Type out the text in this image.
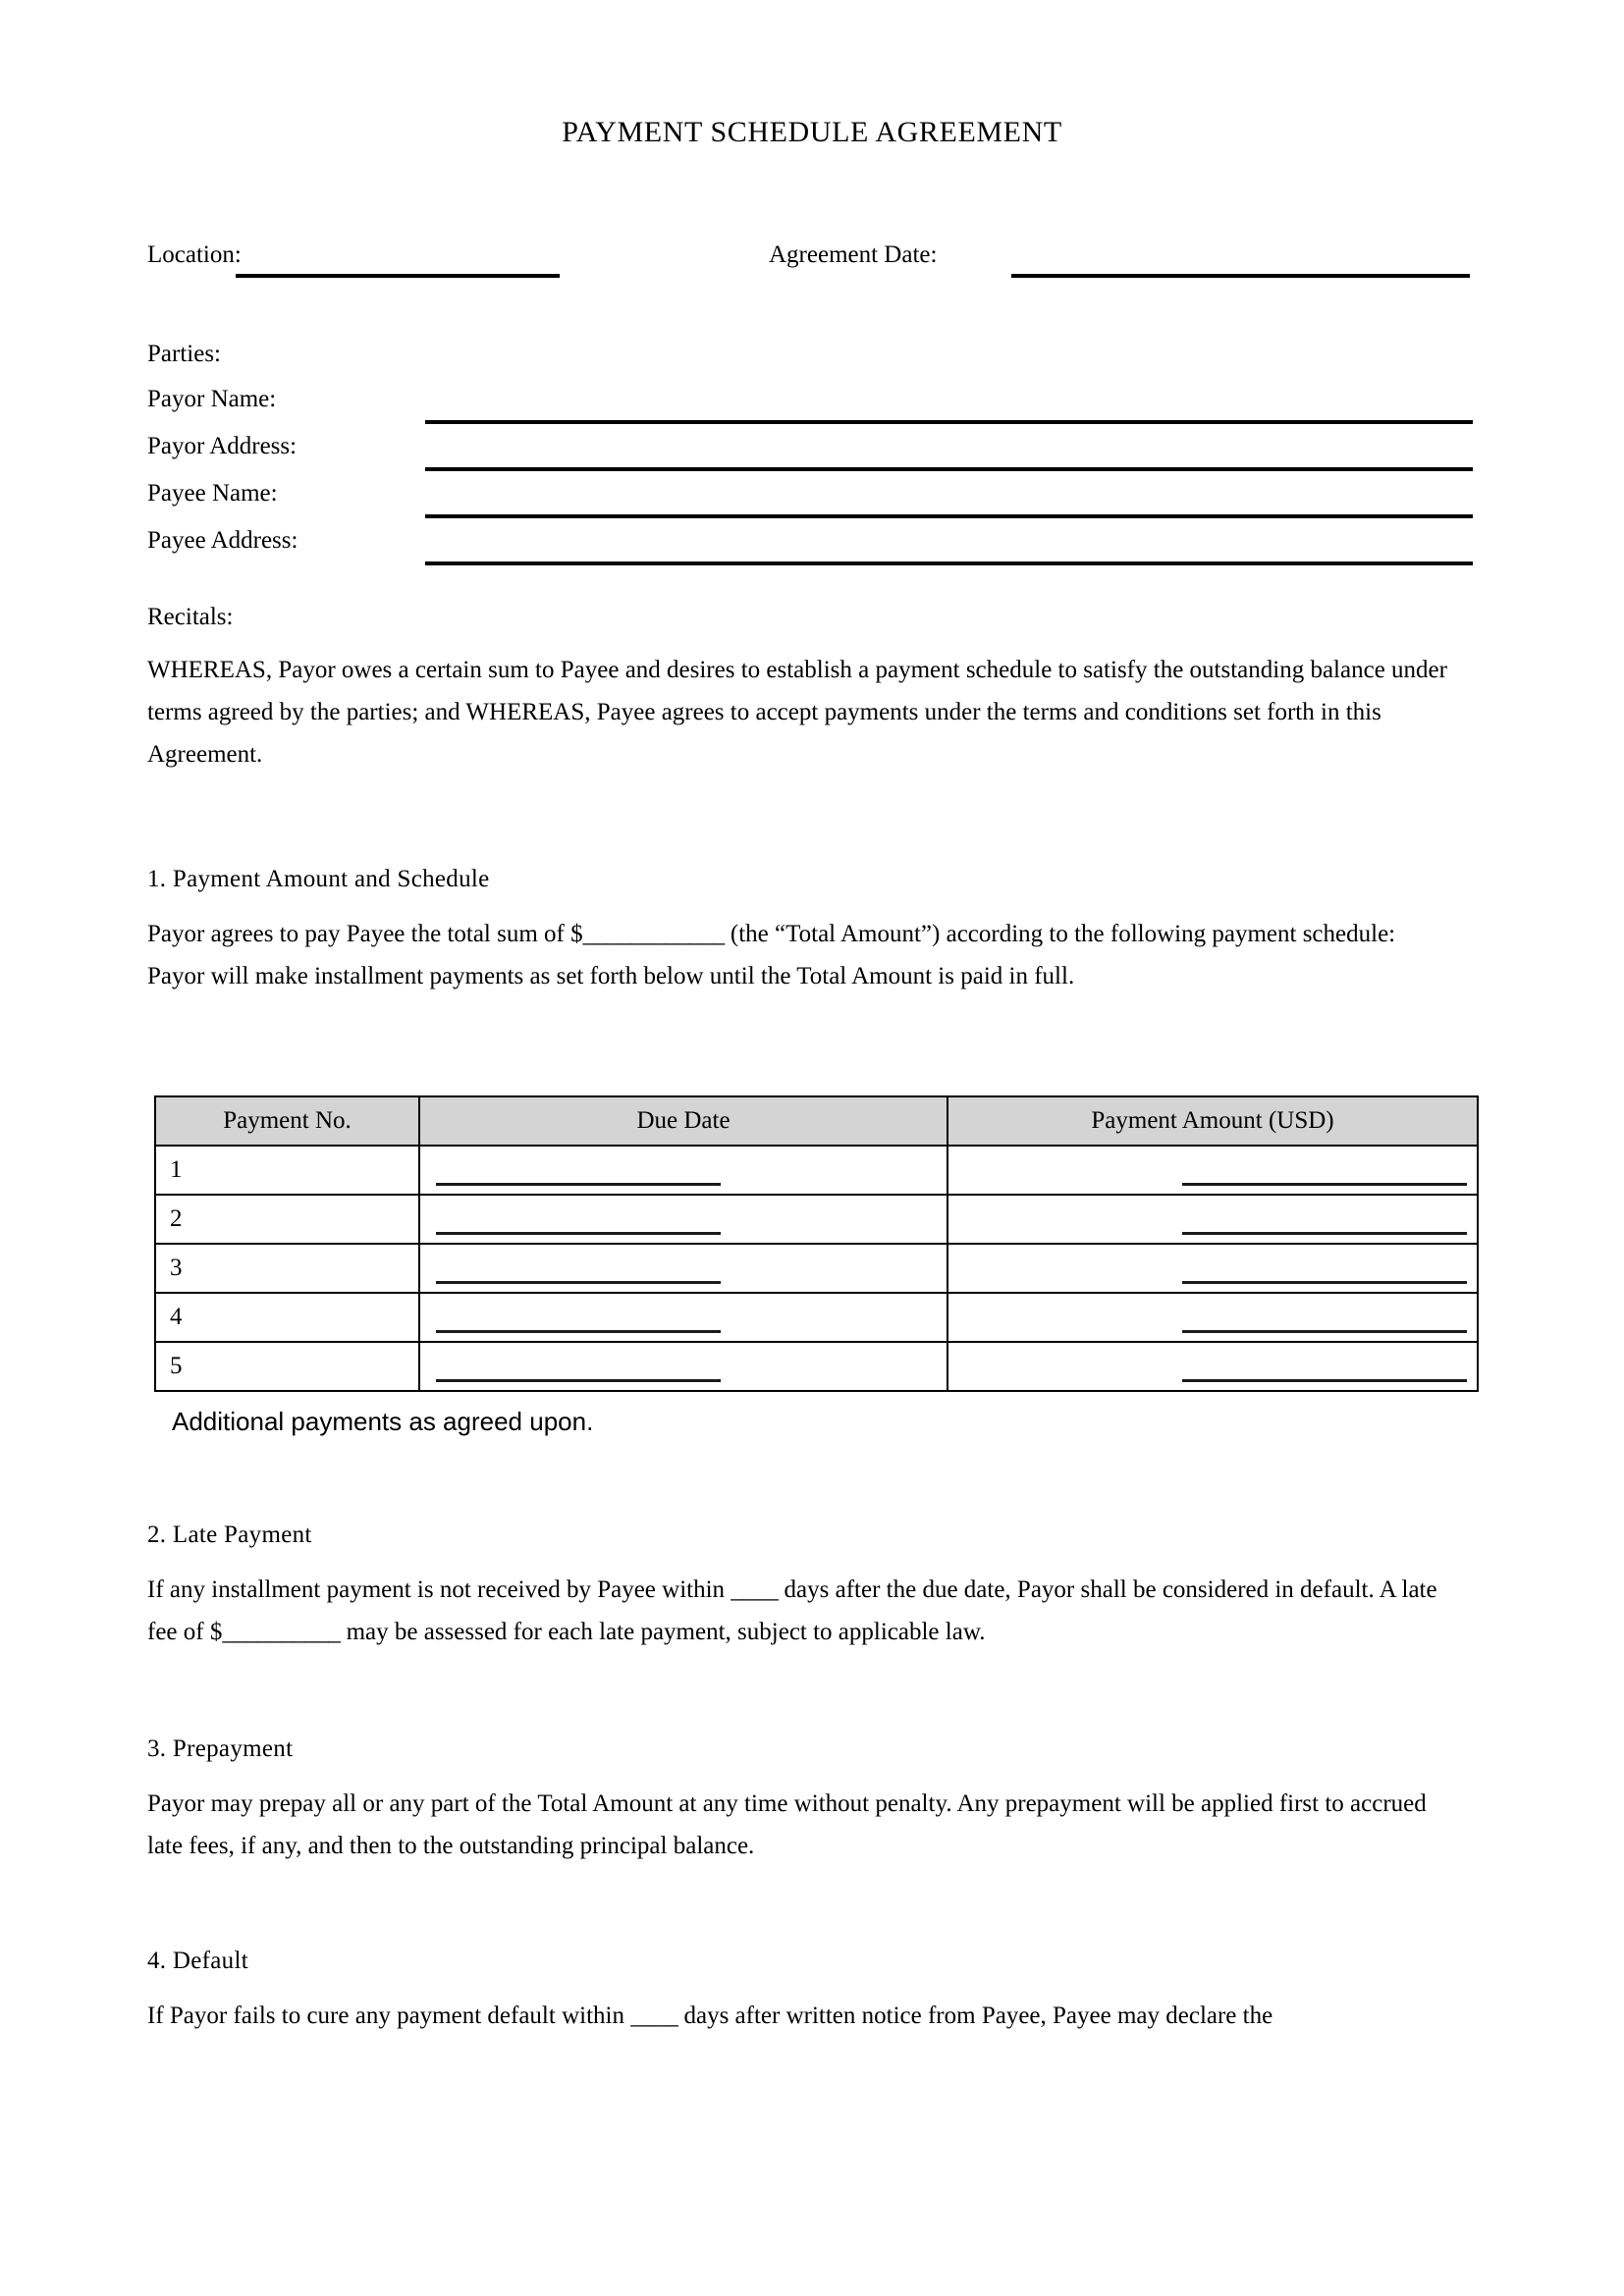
PAYMENT SCHEDULE AGREEMENT
Location:	Agreement Date:
Parties:
Payor Name:
Payor Address:
Payee Name:
Payee Address:
Recitals:
WHEREAS, Payor owes a certain sum to Payee and desires to establish a payment schedule to satisfy the outstanding balance under terms agreed by the parties; and WHEREAS, Payee agrees to accept payments under the terms and conditions set forth in this Agreement.
1. Payment Amount and Schedule
Payor agrees to pay Payee the total sum of $____________ (the “Total Amount”) according to the following payment schedule: Payor will make installment payments as set forth below until the Total Amount is paid in full.
Payment No.	Due Date	Payment Amount (USD)

1		

2		

3		

4		

5		

Additional payments as agreed upon.
2. Late Payment
If any installment payment is not received by Payee within ____ days after the due date, Payor shall be considered in default. A late fee of $__________ may be assessed for each late payment, subject to applicable law.
3. Prepayment
Payor may prepay all or any part of the Total Amount at any time without penalty. Any prepayment will be applied first to accrued late fees, if any, and then to the outstanding principal balance.
4. Default
If Payor fails to cure any payment default within ____ days after written notice from Payee, Payee may declare the
